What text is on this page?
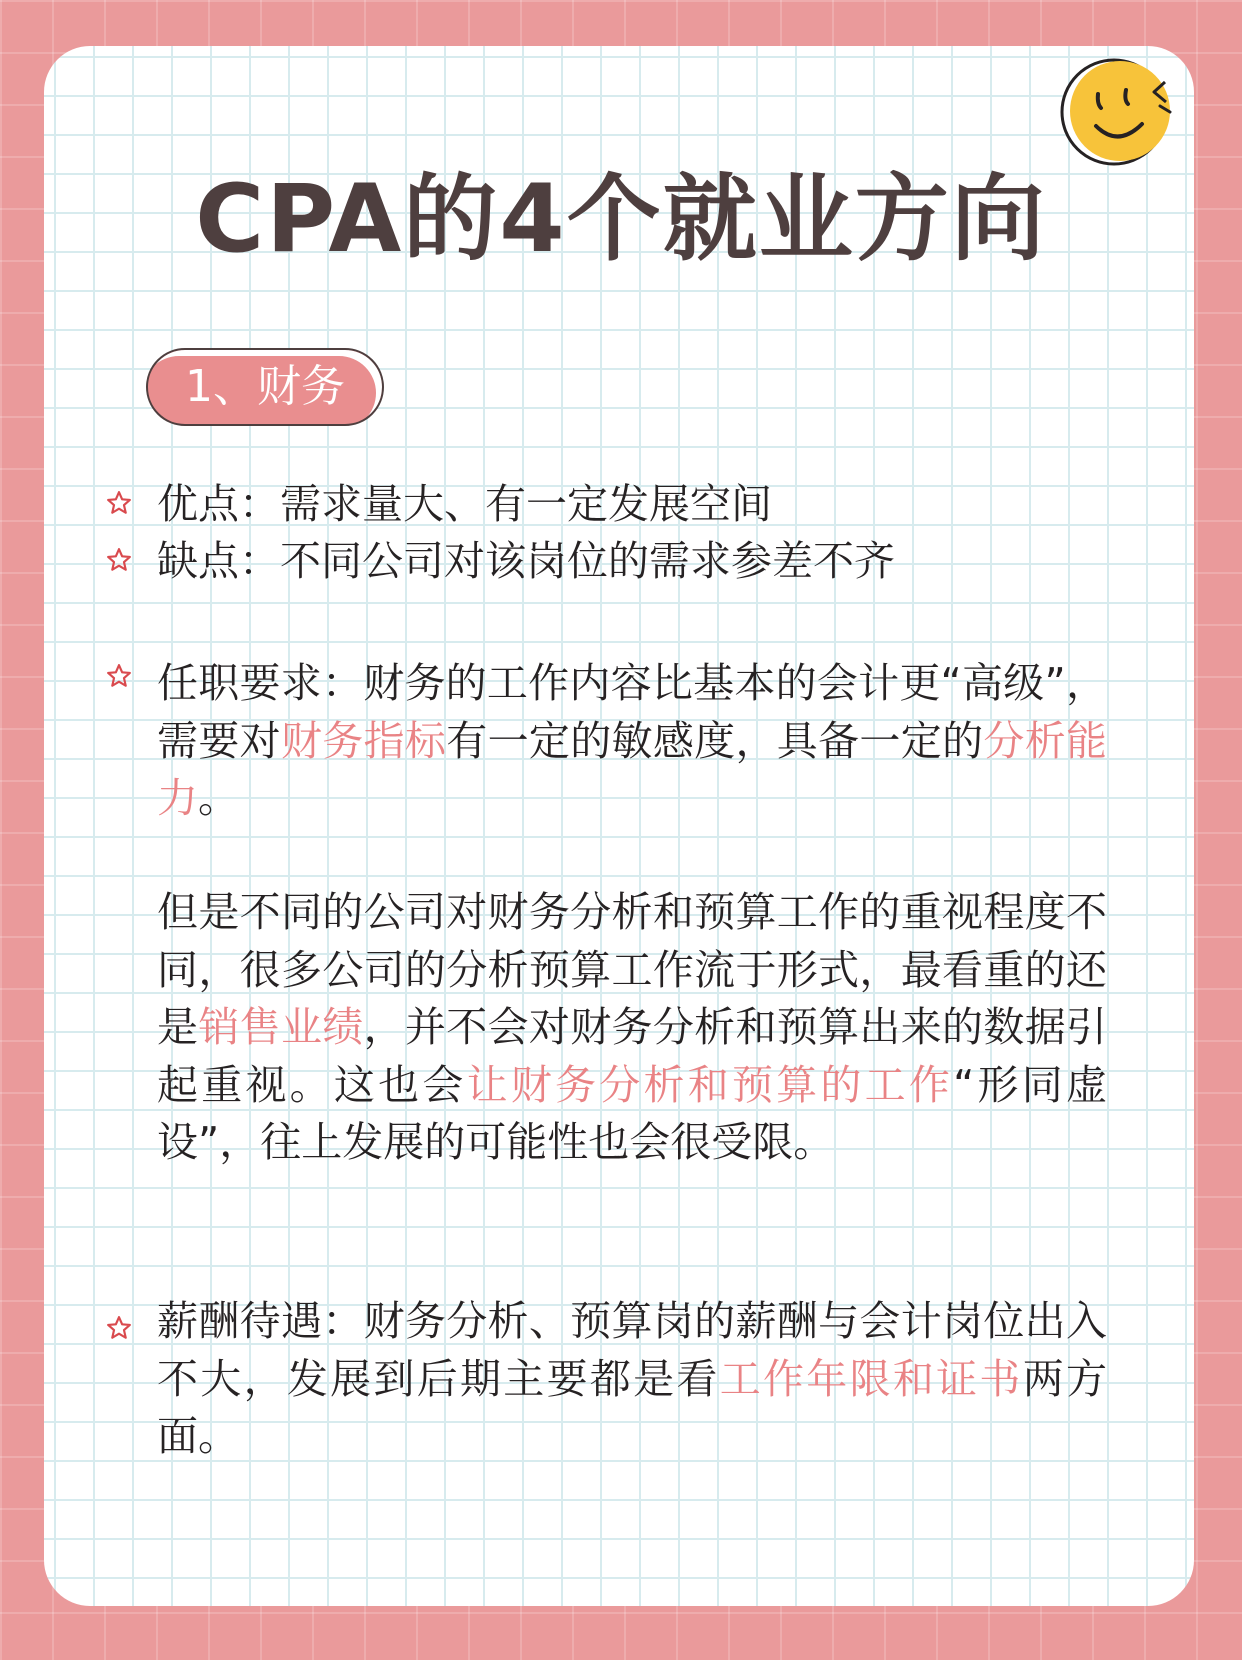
CPA的4个就业方向
1、财务
优点：需求量大、有一定发展空间
缺点：不同公司对该岗位的需求参差不齐
任职要求：财务的工作内容比基本的会计更“高级”，需要对财务指标有一定的敏感度，具备一定的分析能力。
但是不同的公司对财务分析和预算工作的重视程度不同，很多公司的分析预算工作流于形式，最看重的还是销售业绩，并不会对财务分析和预算出来的数据引起重视。这也会让财务分析和预算的工作“形同虚设”，往上发展的可能性也会很受限。
薪酬待遇：财务分析、预算岗的薪酬与会计岗位出入不大，发展到后期主要都是看工作年限和证书两方面。
